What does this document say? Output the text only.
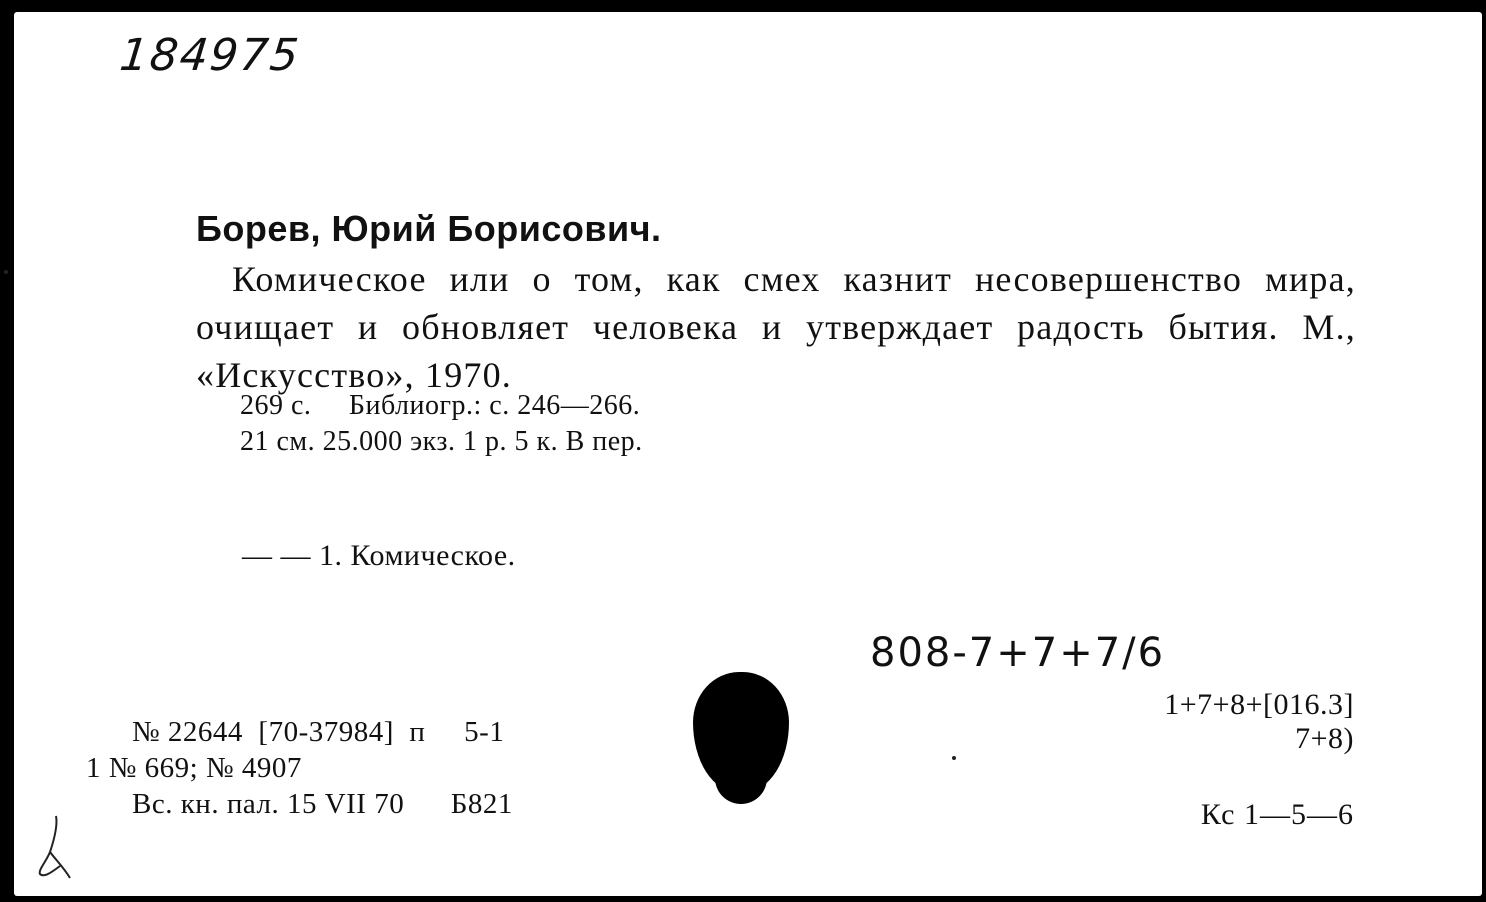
184975
Борев, Юрий Борисович.
Комическое или о том, как смех казнит несовершенство мира, очищает и обновляет человека и утверждает радость бытия. М., «Искусство», 1970.
269 с.     Библиогр.: с. 246—266.
21 см. 25.000 экз. 1 р. 5 к. В пер.
— — 1. Комическое.
808-7+7+7/6
1+7+8+[016.3]
7+8)
Кс 1—5—6
№ 22644  [70-37984]  п     5-1
1 № 669; № 4907
Вс. кн. пал. 15 VII 70      Б821
